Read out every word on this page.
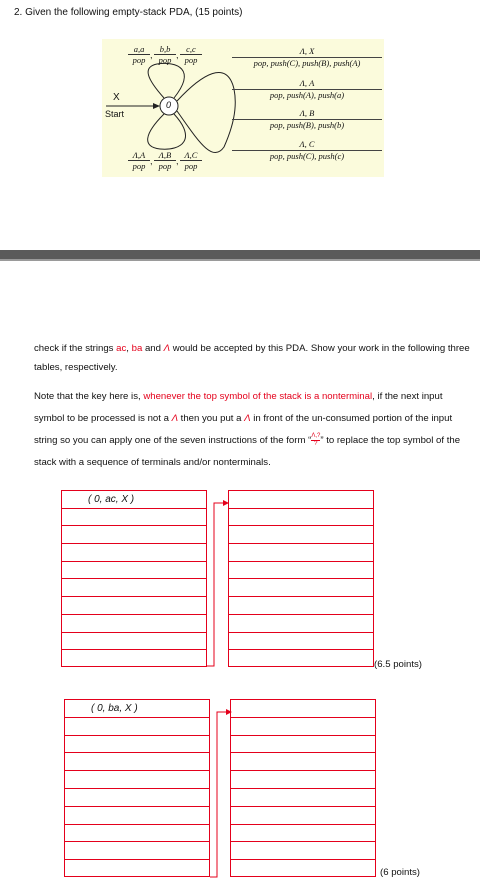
2. Given the following empty-stack PDA, (15 points)
0
X
Start
a,a
pop ,
b,b
pop ,
c,c
pop
Λ,A
pop ,
Λ,B
pop ,
Λ,C
pop
Λ, X
pop, push(C), push(B), push(A)
Λ, A
pop, push(A), push(a)
Λ, B
pop, push(B), push(b)
Λ, C
pop, push(C), push(c)
check if the strings ac, ba and Λ would be accepted by this PDA. Show your work in the following three tables, respectively.
Note that the key here is, whenever the top symbol of the stack is a nonterminal, if the next input symbol to be processed is not a Λ then you put a Λ in front of the un-consumed portion of the input string so you can apply one of the seven instructions of the form “ Λ,?
? ” to replace the top symbol of the stack with a sequence of terminals and/or nonterminals.
( 0, ac, X )
(6.5 points)
( 0, ba, X )
(6 points)
